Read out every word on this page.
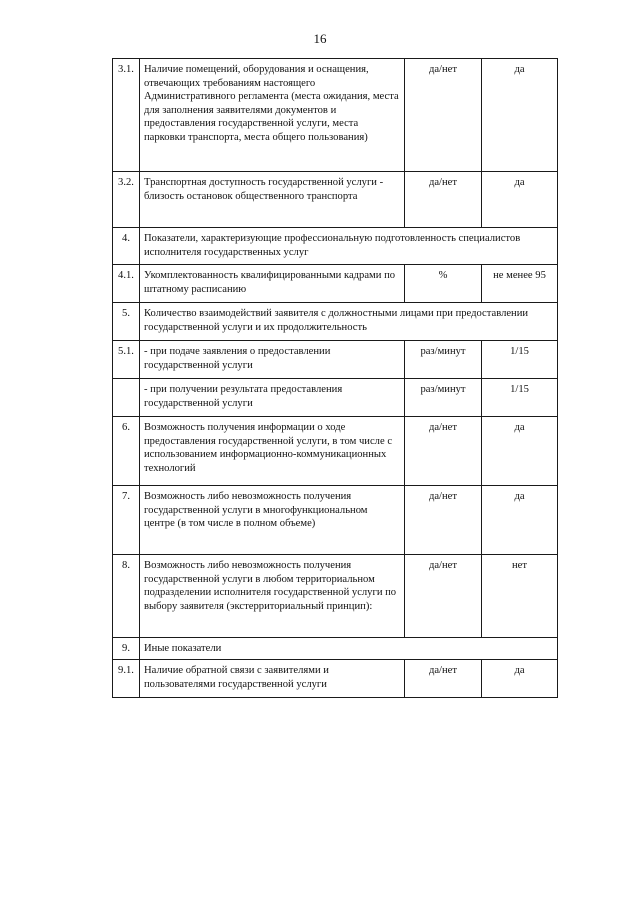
16
3.1.	Наличие помещений, оборудования и оснащения, отвечающих требованиям настоящего Административного регламента (места ожидания, места для заполнения заявителями документов и предоставления государственной услуги, места парковки транспорта, места общего пользования)	да/нет	да
3.2.	Транспортная доступность государственной услуги - близость остановок общественного транспорта	да/нет	да
4.	Показатели, характеризующие профессиональную подготовленность специалистов исполнителя государственных услуг		
4.1.	Укомплектованность квалифицированными кадрами по штатному расписанию	%	не менее 95
5.	Количество взаимодействий заявителя с должностными лицами при предоставлении государственной услуги и их продолжительность		
5.1.	- при подаче заявления о предоставлении государственной услуги	раз/минут	1/15
	- при получении результата предоставления государственной услуги	раз/минут	1/15
6.	Возможность получения информации о ходе предоставления государственной услуги, в том числе с использованием информационно-коммуникационных технологий	да/нет	да
7.	Возможность либо невозможность получения государственной услуги в многофункциональном центре (в том числе в полном объеме)	да/нет	да
8.	Возможность либо невозможность получения государственной услуги в любом территориальном подразделении исполнителя государственной услуги по выбору заявителя (экстерриториальный принцип):	да/нет	нет
9.	Иные показатели		
9.1.	Наличие обратной связи с заявителями и пользователями государственной услуги	да/нет	да
